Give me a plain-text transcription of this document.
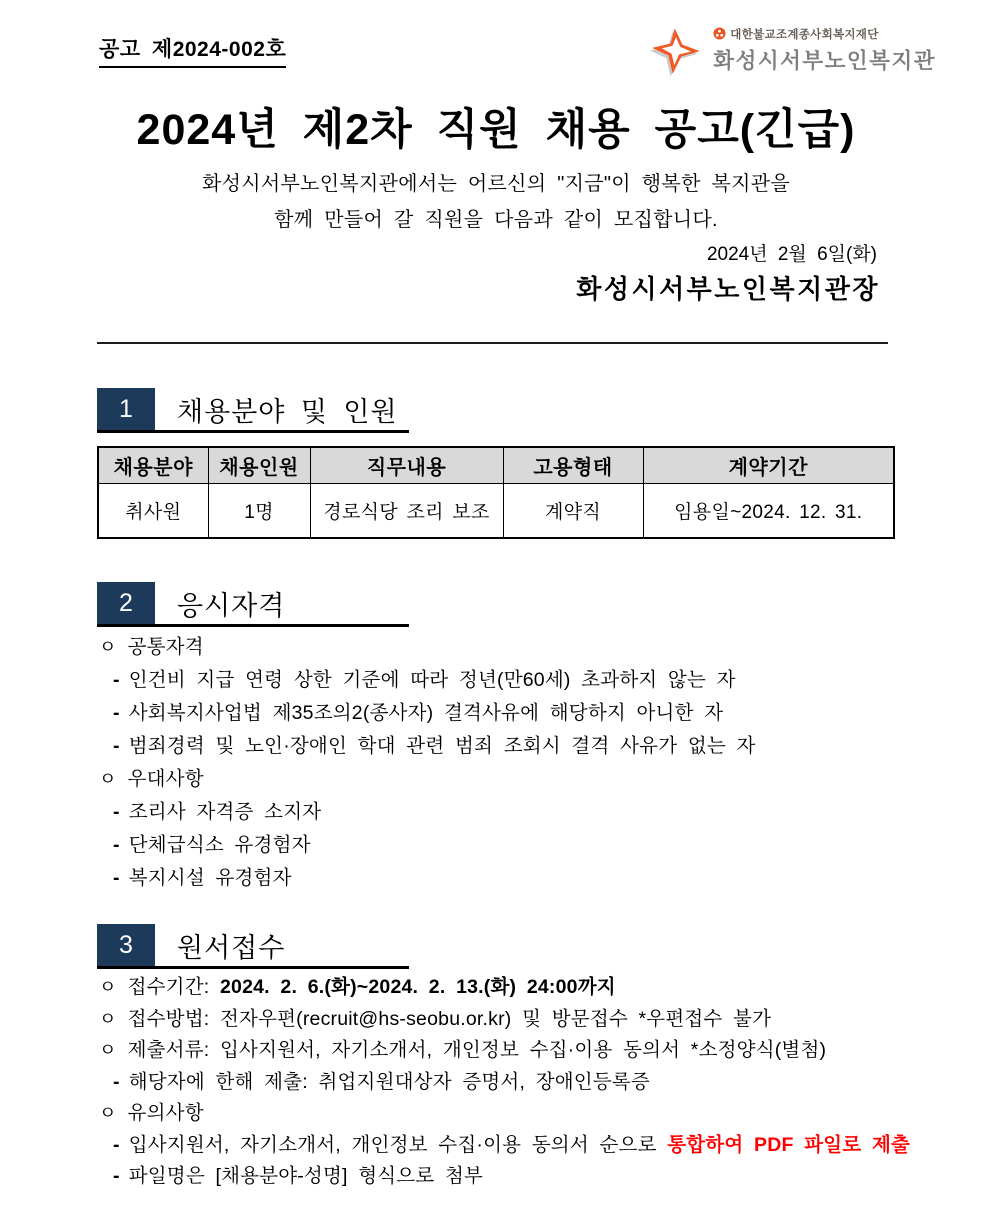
공고 제2024-002호
대한불교조계종사회복지재단
화성시서부노인복지관
2024년 제2차 직원 채용 공고(긴급)
화성시서부노인복지관에서는 어르신의 "지금"이 행복한 복지관을
함께 만들어 갈 직원을 다음과 같이 모집합니다.
2024년 2월 6일(화)
화성시서부노인복지관장
1	채용분야 및 인원
채용분야	채용인원	직무내용	고용형태	계약기간
취사원	1명	경로식당 조리 보조	계약직	임용일~2024. 12. 31.
2	응시자격
ㅇ 공통자격
- 인건비 지급 연령 상한 기준에 따라 정년(만60세) 초과하지 않는 자
- 사회복지사업법 제35조의2(종사자) 결격사유에 해당하지 아니한 자
- 범죄경력 및 노인·장애인 학대 관련 범죄 조회시 결격 사유가 없는 자
ㅇ 우대사항
- 조리사 자격증 소지자
- 단체급식소 유경험자
- 복지시설 유경험자
3	원서접수
ㅇ 접수기간: 2024. 2. 6.(화)~2024. 2. 13.(화) 24:00까지
ㅇ 접수방법: 전자우편(recruit@hs-seobu.or.kr) 및 방문접수 *우편접수 불가
ㅇ 제출서류: 입사지원서, 자기소개서, 개인정보 수집·이용 동의서 *소정양식(별첨)
- 해당자에 한해 제출: 취업지원대상자 증명서, 장애인등록증
ㅇ 유의사항
- 입사지원서, 자기소개서, 개인정보 수집·이용 동의서 순으로 통합하여 PDF 파일로 제출
- 파일명은 [채용분야-성명] 형식으로 첨부
